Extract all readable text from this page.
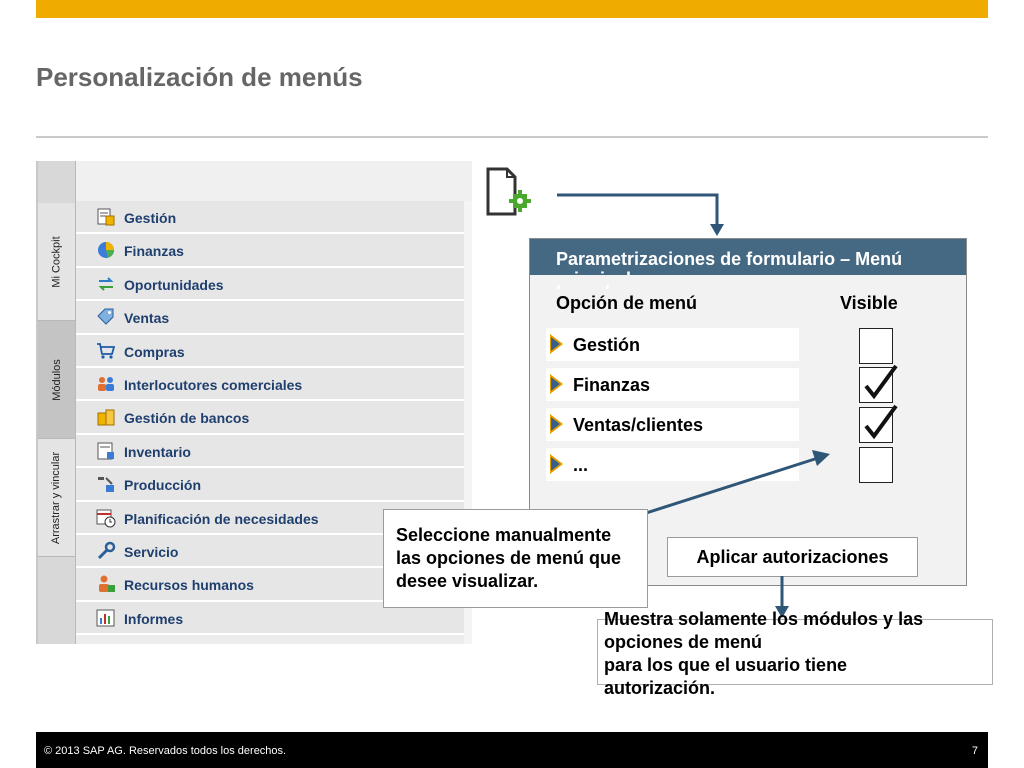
Personalización de menús
Mi Cockpit
Módulos
Arrastrar y vincular
Gestión
Finanzas
Oportunidades
Ventas
Compras
Interlocutores comerciales
Gestión de bancos
Inventario
Producción
Planificación de necesidades
Servicio
Recursos humanos
Informes
Parametrizaciones de formulario – Menú
Opción de menú	Visible
Gestión
Finanzas
Ventas/clientes
...
Aplicar autorizaciones
Seleccione manualmente las opciones de menú que desee visualizar.
Muestra solamente los módulos y las
opciones de menú
para los que el usuario tiene
autorización.
© 2013 SAP AG. Reservados todos los derechos.	7
